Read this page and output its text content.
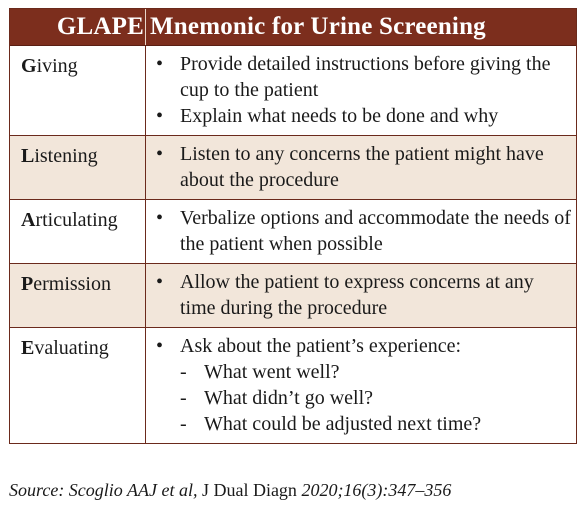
GLAPE Mnemonic for Urine Screening
Giving	• Provide detailed instructions before giving the cup to the patient
• Explain what needs to be done and why
Listening	• Listen to any concerns the patient might have about the procedure
Articulating	• Verbalize options and accommodate the needs of the patient when possible
Permission	• Allow the patient to express concerns at any time during the procedure
Evaluating	• Ask about the patient’s experience:
- What went well?
- What didn’t go well?
- What could be adjusted next time?
Source: Scoglio AAJ et al, J Dual Diagn 2020;16(3):347–356
